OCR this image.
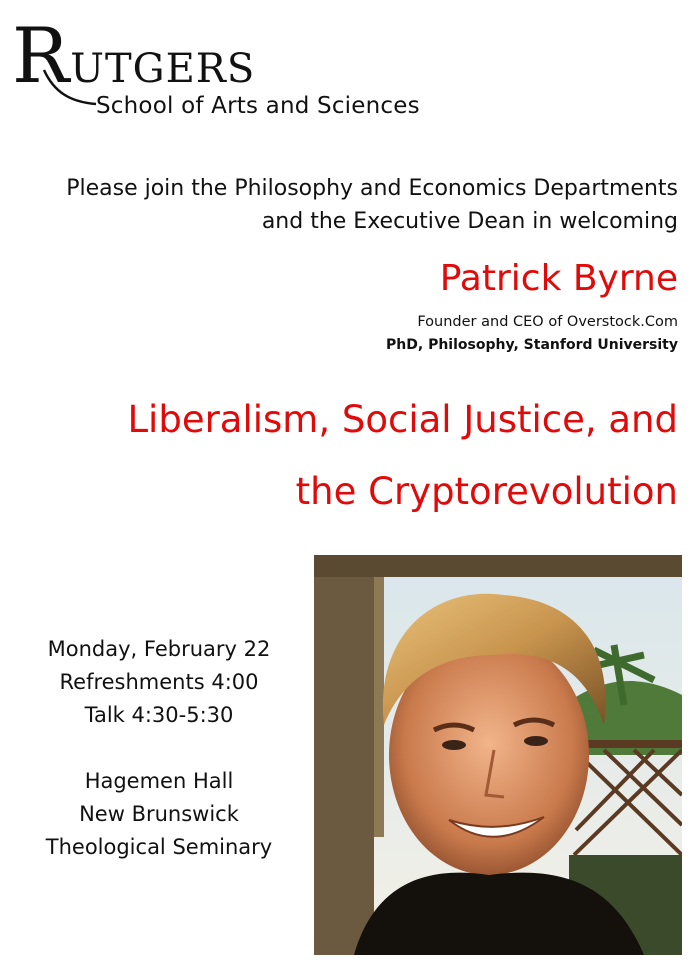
RUTGERS
School of Arts and Sciences
Please join the Philosophy and Economics Departments
and the Executive Dean in welcoming
Patrick Byrne
Founder and CEO of Overstock.Com
PhD, Philosophy, Stanford University
Liberalism, Social Justice, and
the Cryptorevolution
Monday, February 22
Refreshments 4:00
Talk 4:30-5:30
Hagemen Hall
New Brunswick
Theological Seminary
